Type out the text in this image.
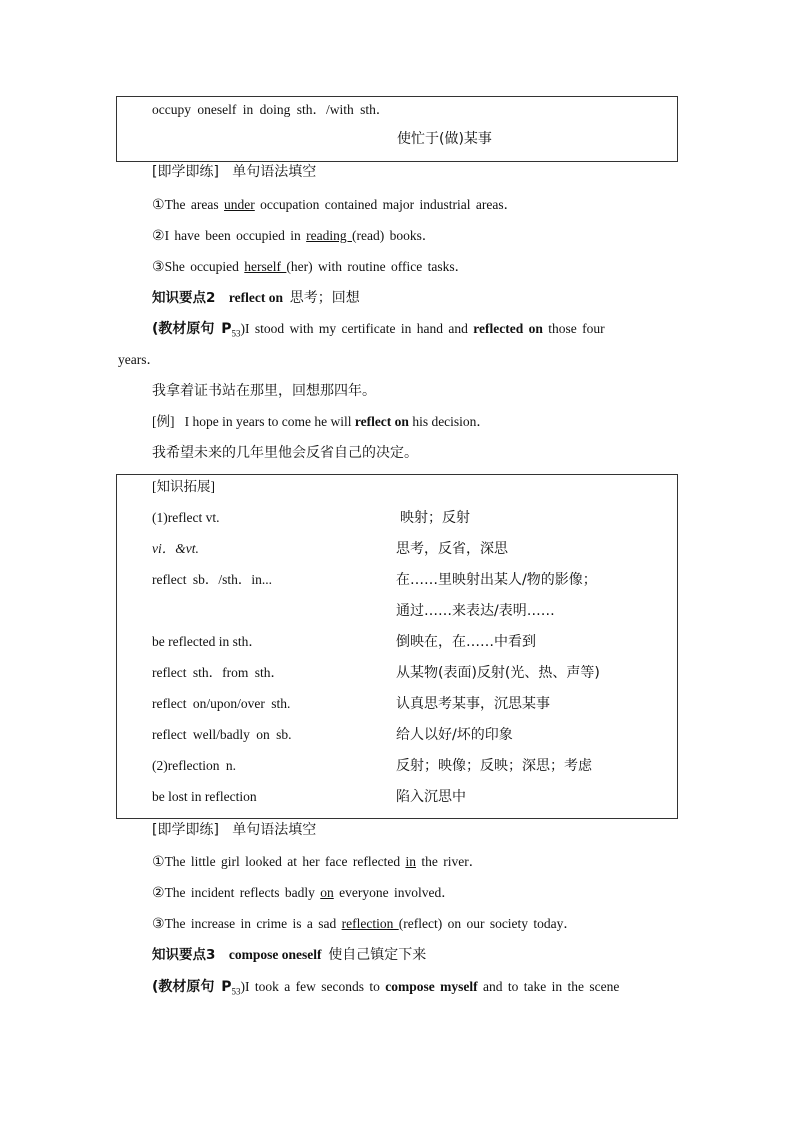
occupy oneself in doing sth．/with sth．
使忙于(做)某事
[即学即练] 单句语法填空
①The areas under occupation contained major industrial areas．
②I have been occupied in reading (read) books．
③She occupied herself (her) with routine office tasks．
知识要点2 reflect on 思考；回想
(教材原句 $P_{53})I$ stood with my certificate in hand and reflected on those four
years．
我拿着证书站在那里，回想那四年。
[例] I hope in years to come he will reflect on his decision．
我希望未来的几年里他会反省自己的决定。
[知识拓展]
(1)reflect vt.	映射；反射
vi．&vt.	思考，反省，深思
reflect sb．/sth．in...	在……里映射出某人/物的影像；
通过……来表达/表明……
be reflected in sth．	倒映在，在……中看到
reflect sth．from sth．	从某物(表面)反射(光、热、声等)
reflect on/upon/over sth.	认真思考某事，沉思某事
reflect well/badly on sb.	给人以好/坏的印象
(2)reflection n.	反射；映像；反映；深思；考虑
be lost in reflection	陷入沉思中
[即学即练] 单句语法填空
①The little girl looked at her face reflected in the river．
②The incident reflects badly on everyone involved．
③The increase in crime is a sad reflection (reflect) on our society today．
知识要点3 compose oneself 使自己镇定下来
(教材原句 $P_{53})I$ took a few seconds to compose myself and to take in the scene
